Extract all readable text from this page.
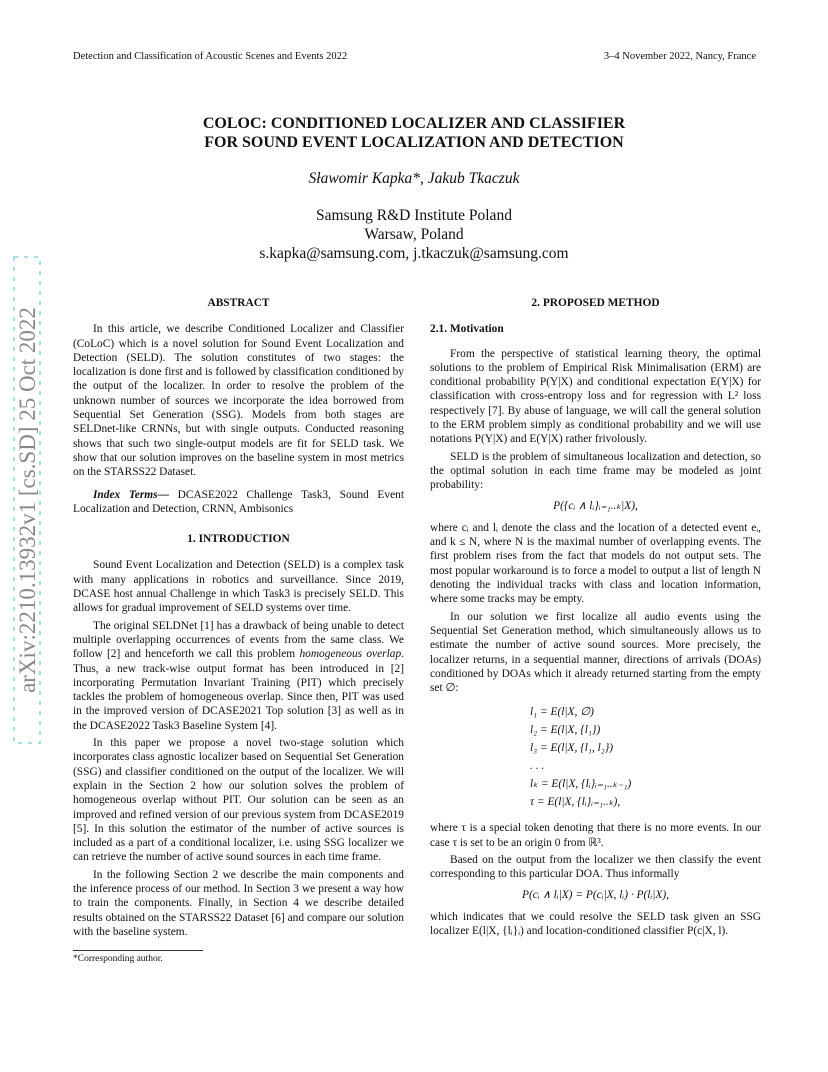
Detection and Classification of Acoustic Scenes and Events 2022	3–4 November 2022, Nancy, France
arXiv:2210.13932v1 [cs.SD] 25 Oct 2022
COLOC: CONDITIONED LOCALIZER AND CLASSIFIER
FOR SOUND EVENT LOCALIZATION AND DETECTION
Sławomir Kapka*, Jakub Tkaczuk
Samsung R&D Institute Poland
Warsaw, Poland
s.kapka@samsung.com, j.tkaczuk@samsung.com
ABSTRACT

In this article, we describe Conditioned Localizer and Classifier (CoLoC) which is a novel solution for Sound Event Localization and Detection (SELD). The solution constitutes of two stages: the localization is done first and is followed by classification conditioned by the output of the localizer. In order to resolve the problem of the unknown number of sources we incorporate the idea borrowed from Sequential Set Generation (SSG). Models from both stages are SELDnet-like CRNNs, but with single outputs. Conducted reasoning shows that such two single-output models are fit for SELD task. We show that our solution improves on the baseline system in most metrics on the STARSS22 Dataset.

Index Terms— DCASE2022 Challenge Task3, Sound Event Localization and Detection, CRNN, Ambisonics

1. INTRODUCTION

Sound Event Localization and Detection (SELD) is a complex task with many applications in robotics and surveillance. Since 2019, DCASE host annual Challenge in which Task3 is precisely SELD. This allows for gradual improvement of SELD systems over time.

The original SELDNet [1] has a drawback of being unable to detect multiple overlapping occurrences of events from the same class. We follow [2] and henceforth we call this problem homogeneous overlap. Thus, a new track-wise output format has been introduced in [2] incorporating Permutation Invariant Training (PIT) which precisely tackles the problem of homogeneous overlap. Since then, PIT was used in the improved version of DCASE2021 Top solution [3] as well as in the DCASE2022 Task3 Baseline System [4].

In this paper we propose a novel two-stage solution which incorporates class agnostic localizer based on Sequential Set Generation (SSG) and classifier conditioned on the output of the localizer. We will explain in the Section 2 how our solution solves the problem of homogeneous overlap without PIT. Our solution can be seen as an improved and refined version of our previous system from DCASE2019 [5]. In this solution the estimator of the number of active sources is included as a part of a conditional localizer, i.e. using SSG localizer we can retrieve the number of active sound sources in each time frame.

In the following Section 2 we describe the main components and the inference process of our method. In Section 3 we present a way how to train the components. Finally, in Section 4 we describe detailed results obtained on the STARSS22 Dataset [6] and compare our solution with the baseline system.

*Corresponding author.
2. PROPOSED METHOD
2.1. Motivation

From the perspective of statistical learning theory, the optimal solutions to the problem of Empirical Risk Minimalisation (ERM) are conditional probability P(Y|X) and conditional expectation E(Y|X) for classification with cross-entropy loss and for regression with L² loss respectively [7]. By abuse of language, we will call the general solution to the ERM problem simply as conditional probability and we will use notations P(Y|X) and E(Y|X) rather frivolously.

SELD is the problem of simultaneous localization and detection, so the optimal solution in each time frame may be modeled as joint probability:

P({cᵢ ∧ lᵢ}ᵢ₌₁..ₖ|X),

where cᵢ and lᵢ denote the class and the location of a detected event eᵢ, and k ≤ N, where N is the maximal number of overlapping events. The first problem rises from the fact that models do not output sets. The most popular workaround is to force a model to output a list of length N denoting the individual tracks with class and location information, where some tracks may be empty.

In our solution we first localize all audio events using the Sequential Set Generation method, which simultaneously allows us to estimate the number of active sound sources. More precisely, the localizer returns, in a sequential manner, directions of arrivals (DOAs) conditioned by DOAs which it already returned starting from the empty set ∅:

l₁ = E(l|X, ∅)
l₂ = E(l|X, {l₁})
l₃ = E(l|X, {l₁, l₂})
. . .
lₖ = E(l|X, {lᵢ}ᵢ₌₁..ₖ₋₁)
τ = E(l|X, {lᵢ}ᵢ₌₁..ₖ),

where τ is a special token denoting that there is no more events. In our case τ is set to be an origin 0 from ℝ³.

Based on the output from the localizer we then classify the event corresponding to this particular DOA. Thus informally

P(cᵢ ∧ lᵢ|X) = P(cᵢ|X, lᵢ) · P(lᵢ|X),

which indicates that we could resolve the SELD task given an SSG localizer E(l|X, {lᵢ}ᵢ) and location-conditioned classifier P(c|X, l).
